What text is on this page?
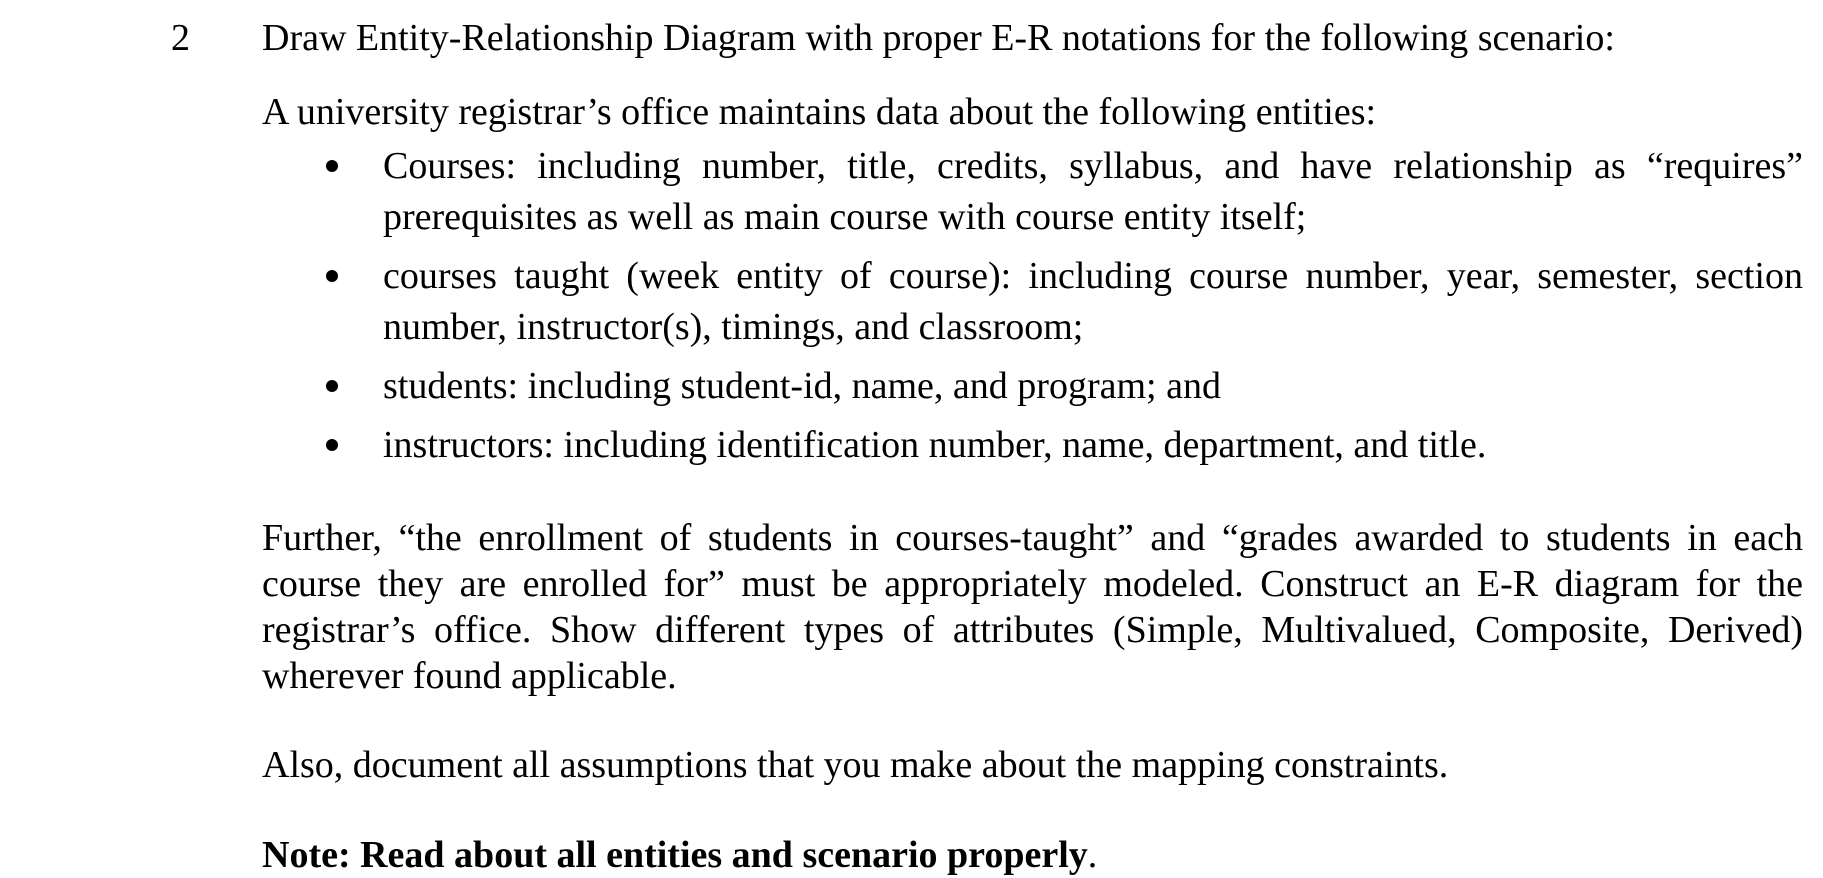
2	Draw Entity-Relationship Diagram with proper E-R notations for the following scenario:

A university registrar’s office maintains data about the following entities:

Courses: including number, title, credits, syllabus, and have relationship as “requires” prerequisites as well as main course with course entity itself;
courses taught (week entity of course): including course number, year, semester, section number, instructor(s), timings, and classroom;
students: including student-id, name, and program; and
instructors: including identification number, name, department, and title.

Further, “the enrollment of students in courses-taught” and “grades awarded to students in each course they are enrolled for” must be appropriately modeled. Construct an E-R diagram for the registrar’s office. Show different types of attributes (Simple, Multivalued, Composite, Derived) wherever found applicable.

Also, document all assumptions that you make about the mapping constraints.

Note: Read about all entities and scenario properly.
